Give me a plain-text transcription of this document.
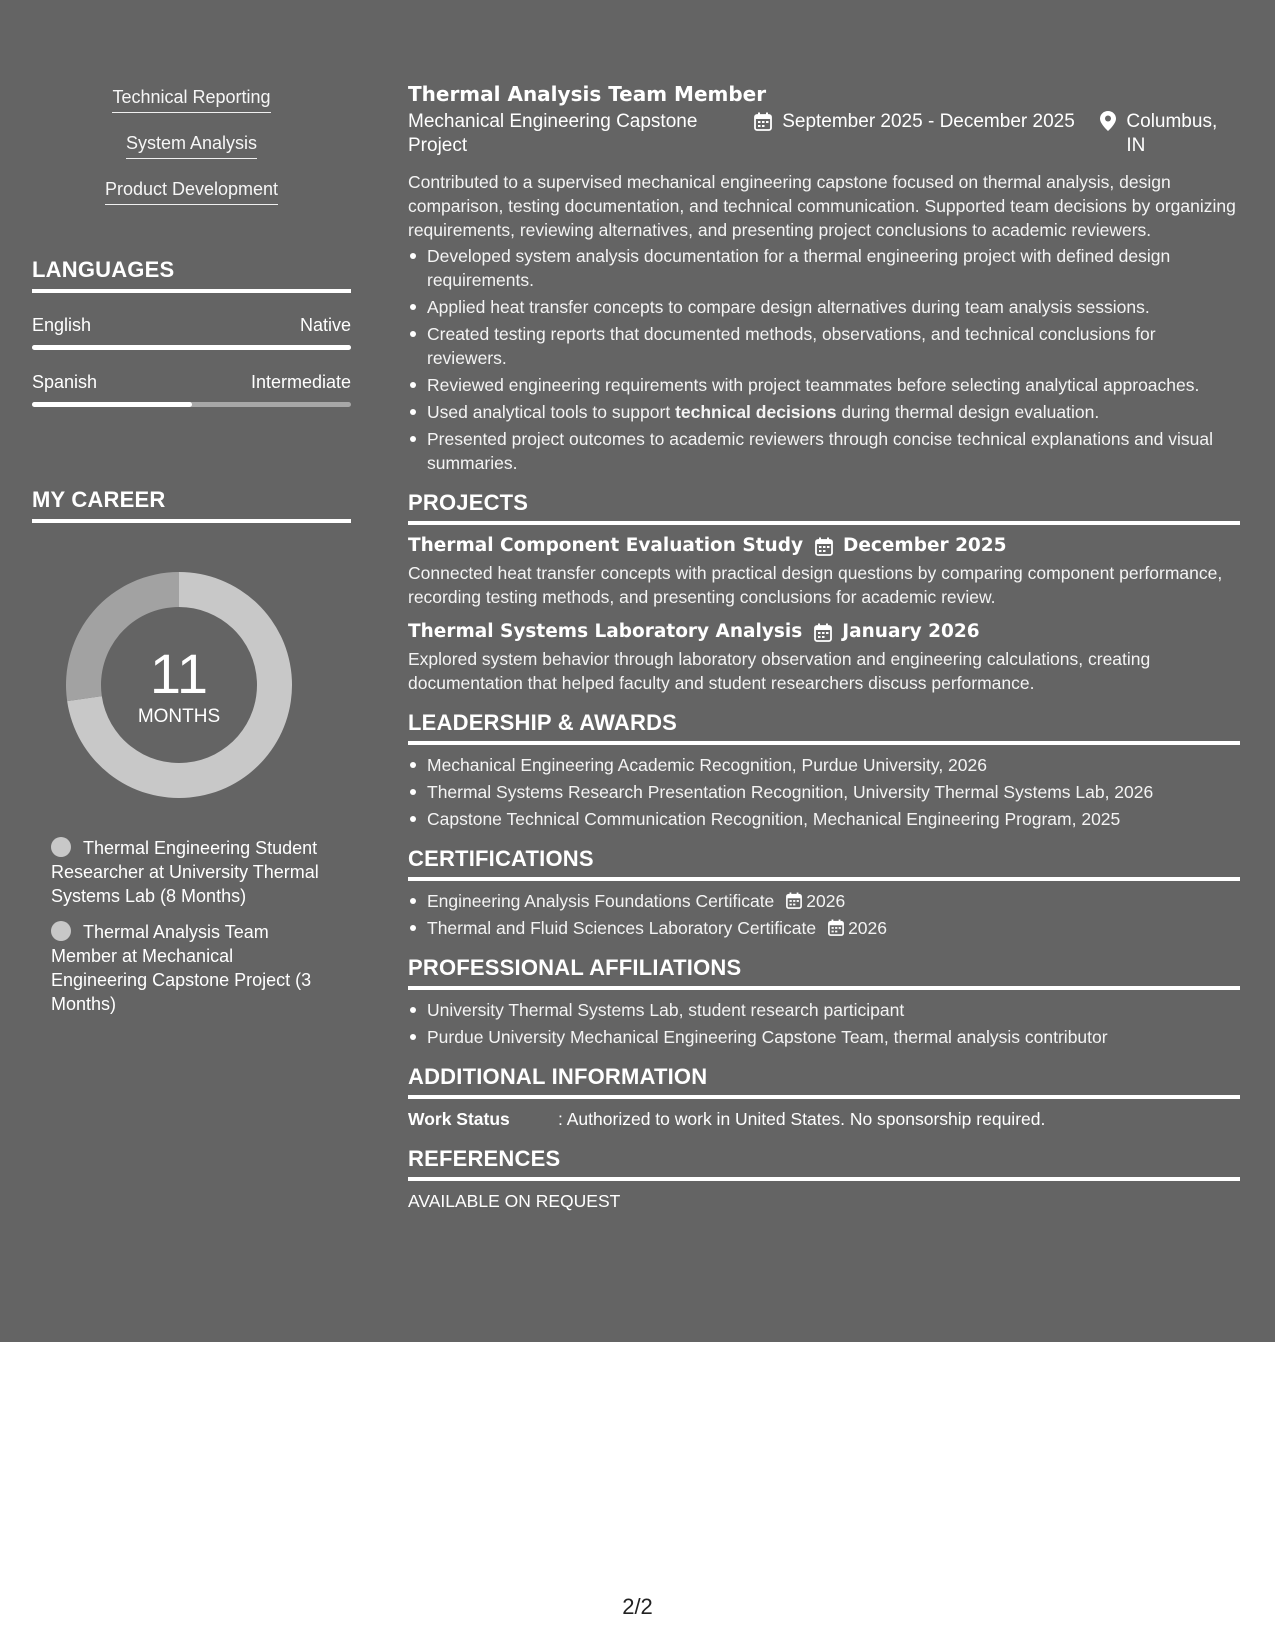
Technical Reporting
System Analysis
Product Development
LANGUAGES
English	Native
Spanish	Intermediate
MY CAREER
11
MONTHS
Thermal Engineering Student Researcher at University Thermal Systems Lab (8 Months)
Thermal Analysis Team Member at Mechanical Engineering Capstone Project (3 Months)
Thermal Analysis Team Member
Mechanical Engineering Capstone Project
September 2025 - December 2025	Columbus, IN
Contributed to a supervised mechanical engineering capstone focused on thermal analysis, design comparison, testing documentation, and technical communication. Supported team decisions by organizing requirements, reviewing alternatives, and presenting project conclusions to academic reviewers.
Developed system analysis documentation for a thermal engineering project with defined design requirements.
Applied heat transfer concepts to compare design alternatives during team analysis sessions.
Created testing reports that documented methods, observations, and technical conclusions for reviewers.
Reviewed engineering requirements with project teammates before selecting analytical approaches.
Used analytical tools to support technical decisions during thermal design evaluation.
Presented project outcomes to academic reviewers through concise technical explanations and visual summaries.
PROJECTS
Thermal Component Evaluation Study December 2025
Connected heat transfer concepts with practical design questions by comparing component performance, recording testing methods, and presenting conclusions for academic review.
Thermal Systems Laboratory Analysis January 2026
Explored system behavior through laboratory observation and engineering calculations, creating documentation that helped faculty and student researchers discuss performance.
LEADERSHIP & AWARDS
Mechanical Engineering Academic Recognition, Purdue University, 2026
Thermal Systems Research Presentation Recognition, University Thermal Systems Lab, 2026
Capstone Technical Communication Recognition, Mechanical Engineering Program, 2025
CERTIFICATIONS
Engineering Analysis Foundations Certificate 2026
Thermal and Fluid Sciences Laboratory Certificate 2026
PROFESSIONAL AFFILIATIONS
University Thermal Systems Lab, student research participant
Purdue University Mechanical Engineering Capstone Team, thermal analysis contributor
ADDITIONAL INFORMATION
Work Status	: Authorized to work in United States. No sponsorship required.
REFERENCES
AVAILABLE ON REQUEST
2/2
